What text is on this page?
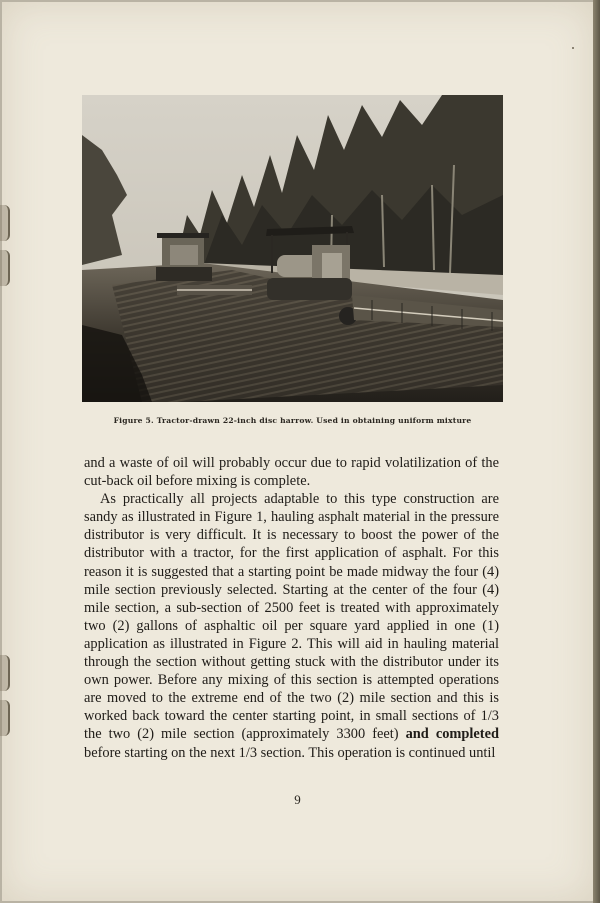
Figure 5. Tractor-drawn 22-inch disc harrow. Used in obtaining uniform mixture

and a waste of oil will probably occur due to rapid volatilization of the cut-back oil before mixing is complete.

As practically all projects adaptable to this type construction are sandy as illustrated in Figure 1, hauling asphalt material in the pressure distributor is very difficult. It is necessary to boost the power of the distributor with a tractor, for the first application of asphalt. For this reason it is suggested that a starting point be made midway the four (4) mile section previously selected. Starting at the center of the four (4) mile section, a sub-section of 2500 feet is treated with approximately two (2) gallons of asphaltic oil per square yard applied in one (1) application as illustrated in Figure 2. This will aid in hauling material through the section without getting stuck with the distributor under its own power. Before any mixing of this section is attempted operations are moved to the extreme end of the two (2) mile section and this is worked back toward the center starting point, in small sections of 1/3 the two (2) mile section (approximately 3300 feet) and completed before starting on the next 1/3 section. This operation is continued until

9
